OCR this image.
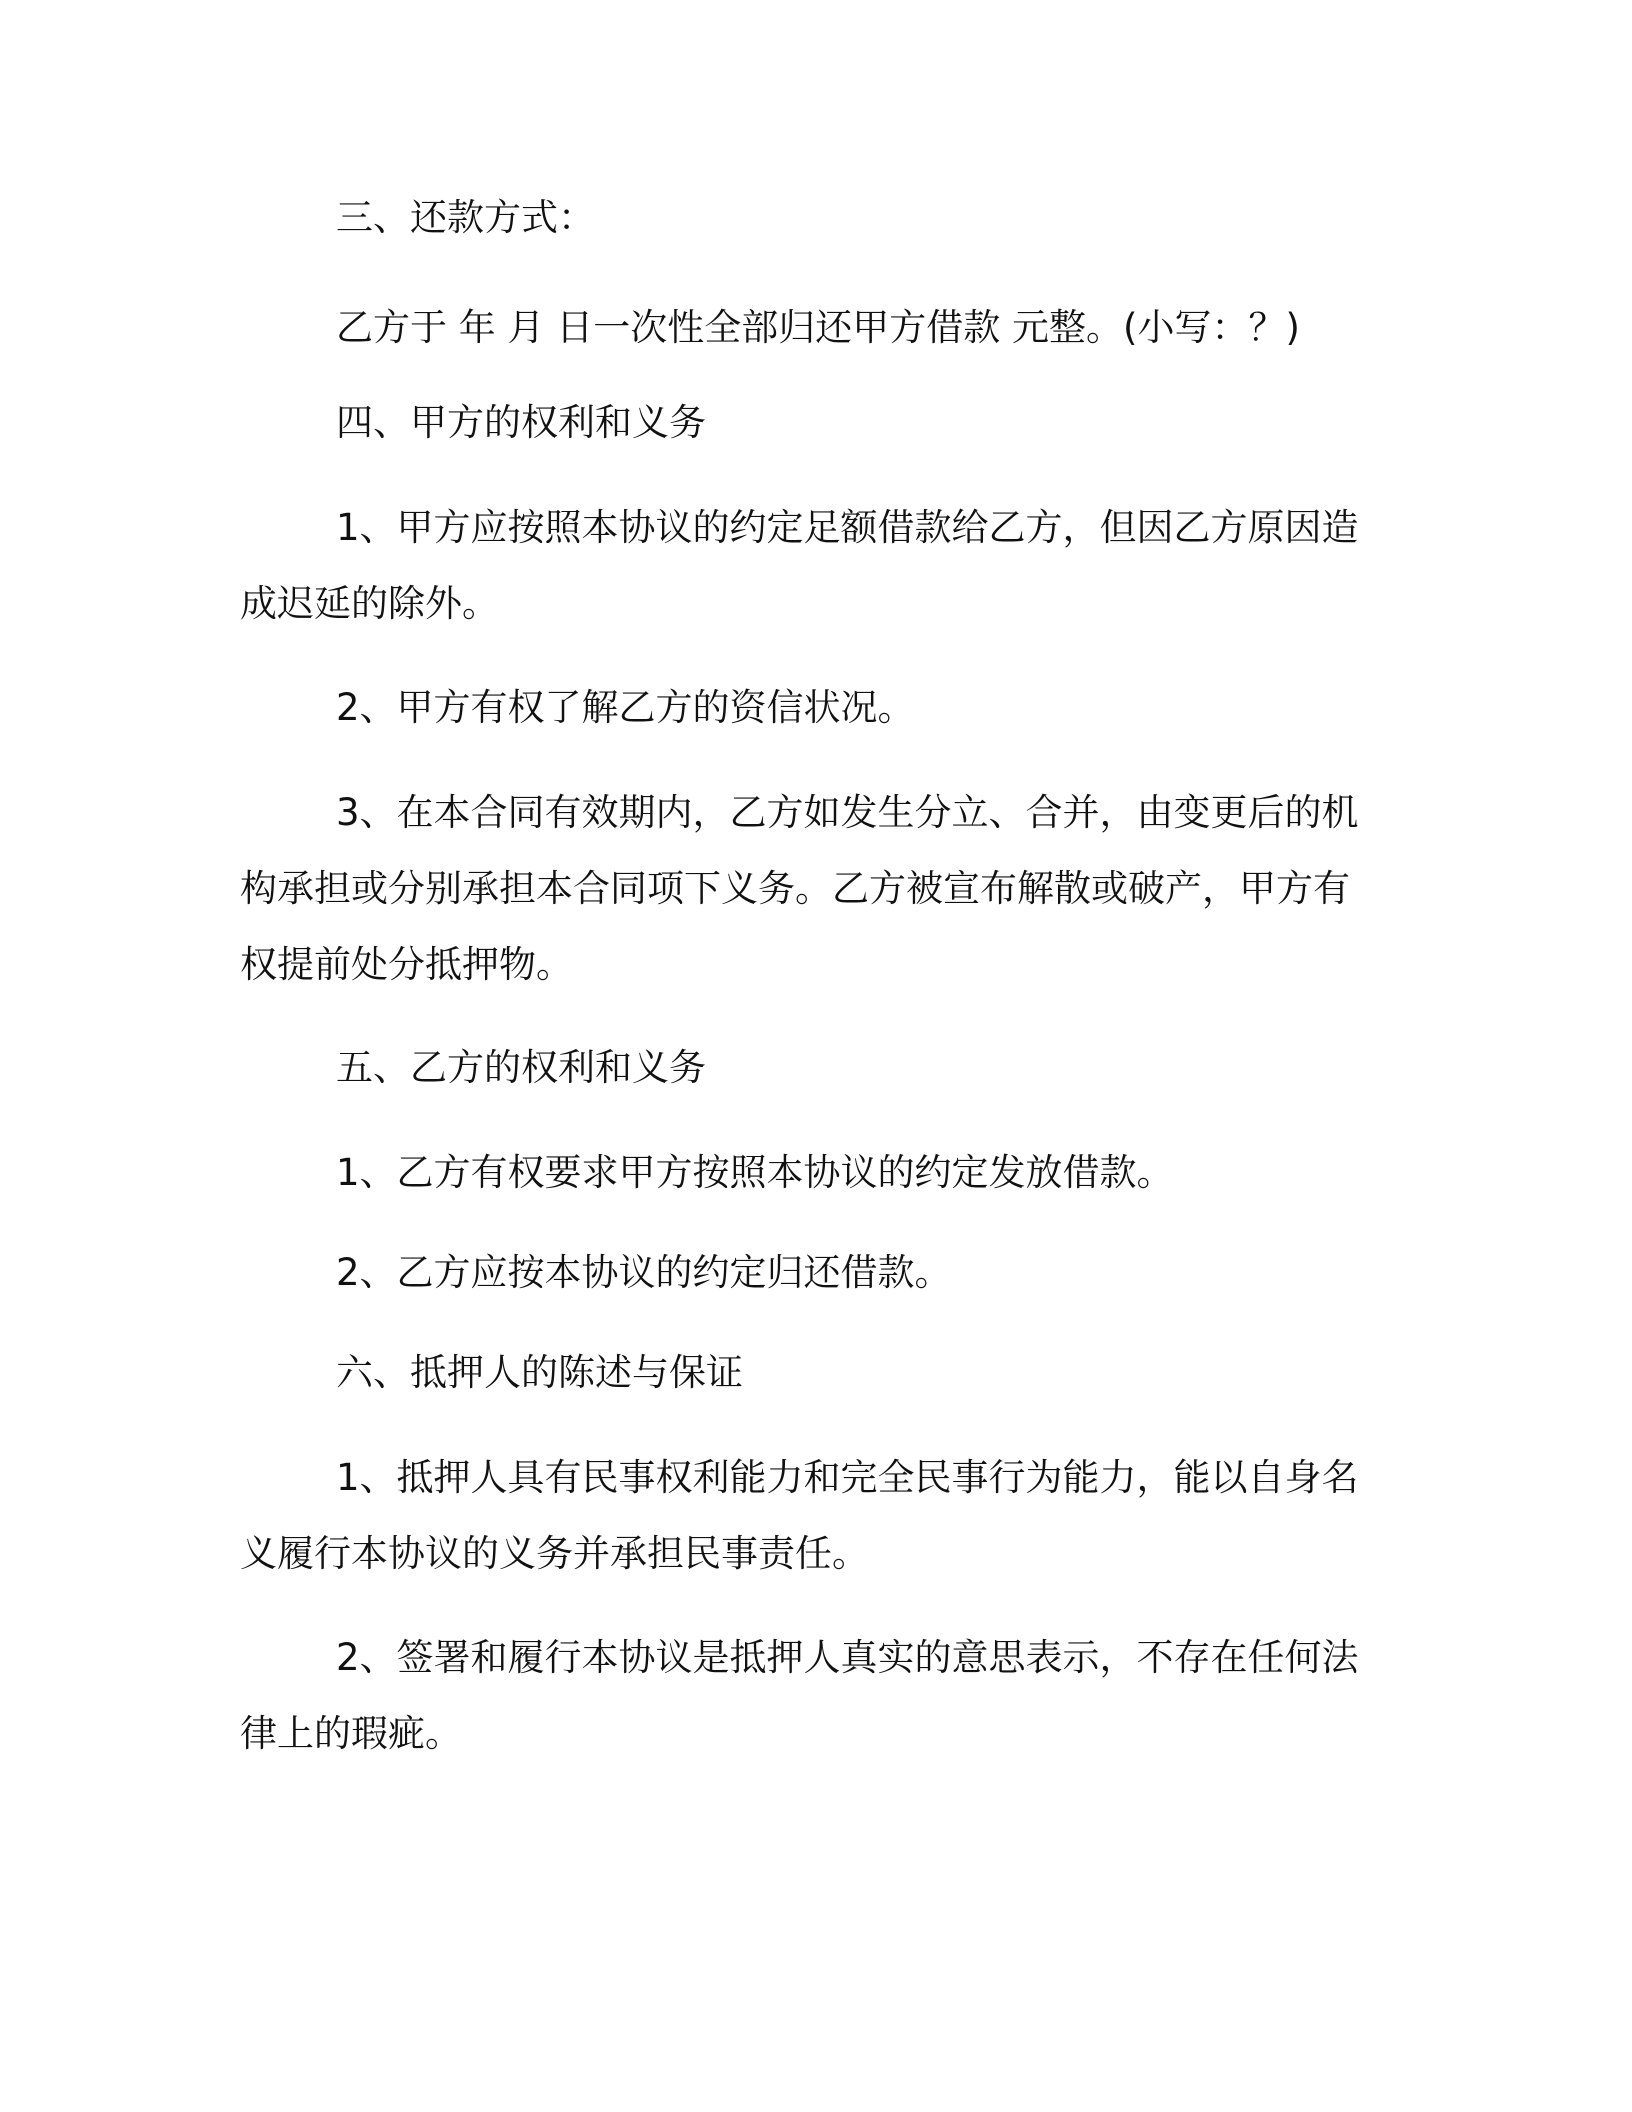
三、还款方式：

乙方于 年 月 日一次性全部归还甲方借款 元整。(小写：？)

四、甲方的权利和义务

1、甲方应按照本协议的约定足额借款给乙方，但因乙方原因造成迟延的除外。

2、甲方有权了解乙方的资信状况。

3、在本合同有效期内，乙方如发生分立、合并，由变更后的机构承担或分别承担本合同项下义务。乙方被宣布解散或破产，甲方有权提前处分抵押物。

五、乙方的权利和义务

1、乙方有权要求甲方按照本协议的约定发放借款。

2、乙方应按本协议的约定归还借款。

六、抵押人的陈述与保证

1、抵押人具有民事权利能力和完全民事行为能力，能以自身名义履行本协议的义务并承担民事责任。

2、签署和履行本协议是抵押人真实的意思表示，不存在任何法律上的瑕疵。
